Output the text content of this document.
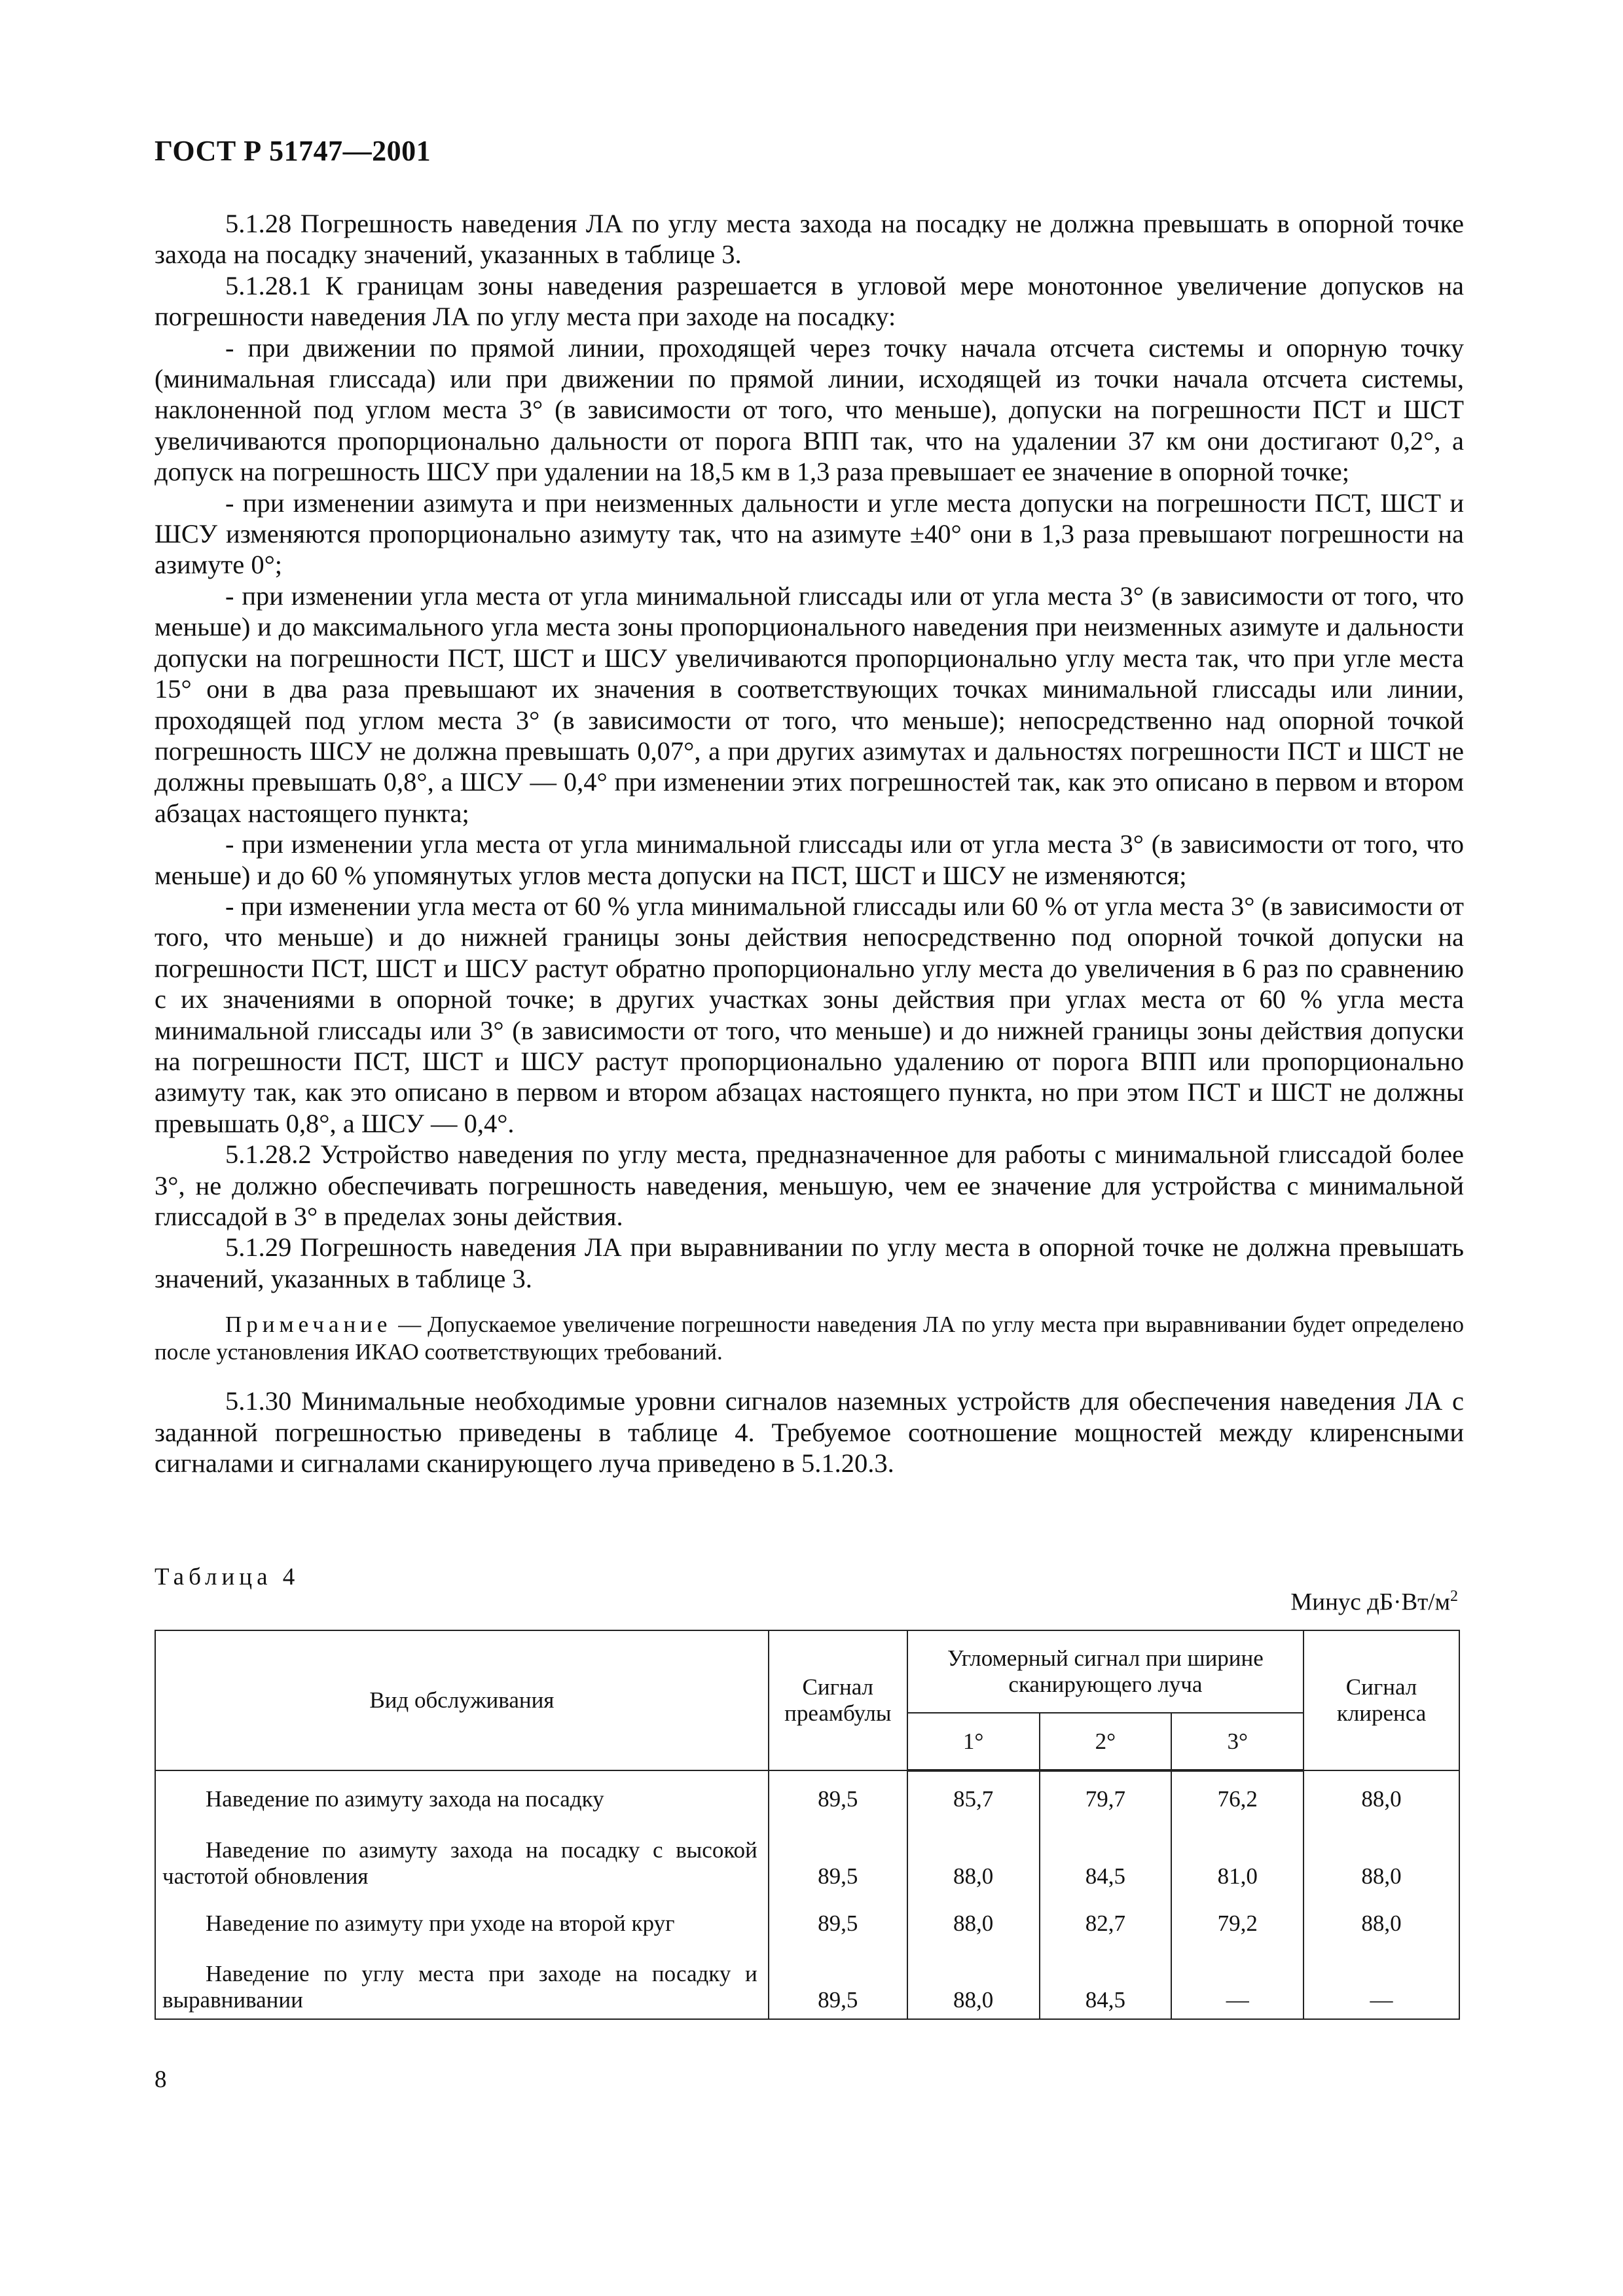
ГОСТ Р 51747—2001

5.1.28 Погрешность наведения ЛА по углу места захода на посадку не должна превышать в опорной точке захода на посадку значений, указанных в таблице 3.

5.1.28.1 К границам зоны наведения разрешается в угловой мере монотонное увеличение допусков на погрешности наведения ЛА по углу места при заходе на посадку:

- при движении по прямой линии, проходящей через точку начала отсчета системы и опорную точку (минимальная глиссада) или при движении по прямой линии, исходящей из точки начала отсчета системы, наклоненной под углом места 3° (в зависимости от того, что меньше), допуски на погрешности ПСТ и ШСТ увеличиваются пропорционально дальности от порога ВПП так, что на удалении 37 км они достигают 0,2°, а допуск на погрешность ШСУ при удалении на 18,5 км в 1,3 раза превышает ее значение в опорной точке;

- при изменении азимута и при неизменных дальности и угле места допуски на погрешности ПСТ, ШСТ и ШСУ изменяются пропорционально азимуту так, что на азимуте ±40° они в 1,3 раза превышают погрешности на азимуте 0°;

- при изменении угла места от угла минимальной глиссады или от угла места 3° (в зависимости от того, что меньше) и до максимального угла места зоны пропорционального наведения при неизменных азимуте и дальности допуски на погрешности ПСТ, ШСТ и ШСУ увеличиваются пропорционально углу места так, что при угле места 15° они в два раза превышают их значения в соответствующих точках минимальной глиссады или линии, проходящей под углом места 3° (в зависимости от того, что меньше); непосредственно над опорной точкой погрешность ШСУ не должна превышать 0,07°, а при других азимутах и дальностях погрешности ПСТ и ШСТ не должны превышать 0,8°, а ШСУ — 0,4° при изменении этих погрешностей так, как это описано в первом и втором абзацах настоящего пункта;

- при изменении угла места от угла минимальной глиссады или от угла места 3° (в зависимости от того, что меньше) и до 60 % упомянутых углов места допуски на ПСТ, ШСТ и ШСУ не изменяются;

- при изменении угла места от 60 % угла минимальной глиссады или 60 % от угла места 3° (в зависимости от того, что меньше) и до нижней границы зоны действия непосредственно под опорной точкой допуски на погрешности ПСТ, ШСТ и ШСУ растут обратно пропорционально углу места до увеличения в 6 раз по сравнению с их значениями в опорной точке; в других участках зоны действия при углах места от 60 % угла места минимальной глиссады или 3° (в зависимости от того, что меньше) и до нижней границы зоны действия допуски на погрешности ПСТ, ШСТ и ШСУ растут пропорционально удалению от порога ВПП или пропорционально азимуту так, как это описано в первом и втором абзацах настоящего пункта, но при этом ПСТ и ШСТ не должны превышать 0,8°, а ШСУ — 0,4°.

5.1.28.2 Устройство наведения по углу места, предназначенное для работы с минимальной глиссадой более 3°, не должно обеспечивать погрешность наведения, меньшую, чем ее значение для устройства с минимальной глиссадой в 3° в пределах зоны действия.

5.1.29 Погрешность наведения ЛА при выравнивании по углу места в опорной точке не должна превышать значений, указанных в таблице 3.

Примечание — Допускаемое увеличение погрешности наведения ЛА по углу места при выравнивании будет определено после установления ИКАО соответствующих требований.

5.1.30 Минимальные необходимые уровни сигналов наземных устройств для обеспечения наведения ЛА с заданной погрешностью приведены в таблице 4. Требуемое соотношение мощностей между клиренсными сигналами и сигналами сканирующего луча приведено в 5.1.20.3.

Таблица 4
Минус $дБ\cdot Вт/м^2$
Вид обслуживания	Сигнал преамбулы	Угломерный сигнал при ширине сканирующего луча			Сигнал клиренса
		1°	2°	3°	
Наведение по азимуту захода на посадку	89,5	85,7	79,7	76,2	88,0
Наведение по азимуту захода на посадку с высокой частотой обновления	89,5	88,0	84,5	81,0	88,0
Наведение по азимуту при уходе на второй круг	89,5	88,0	82,7	79,2	88,0
Наведение по углу места при заходе на посадку и выравнивании	89,5	88,0	84,5	—	—
8
